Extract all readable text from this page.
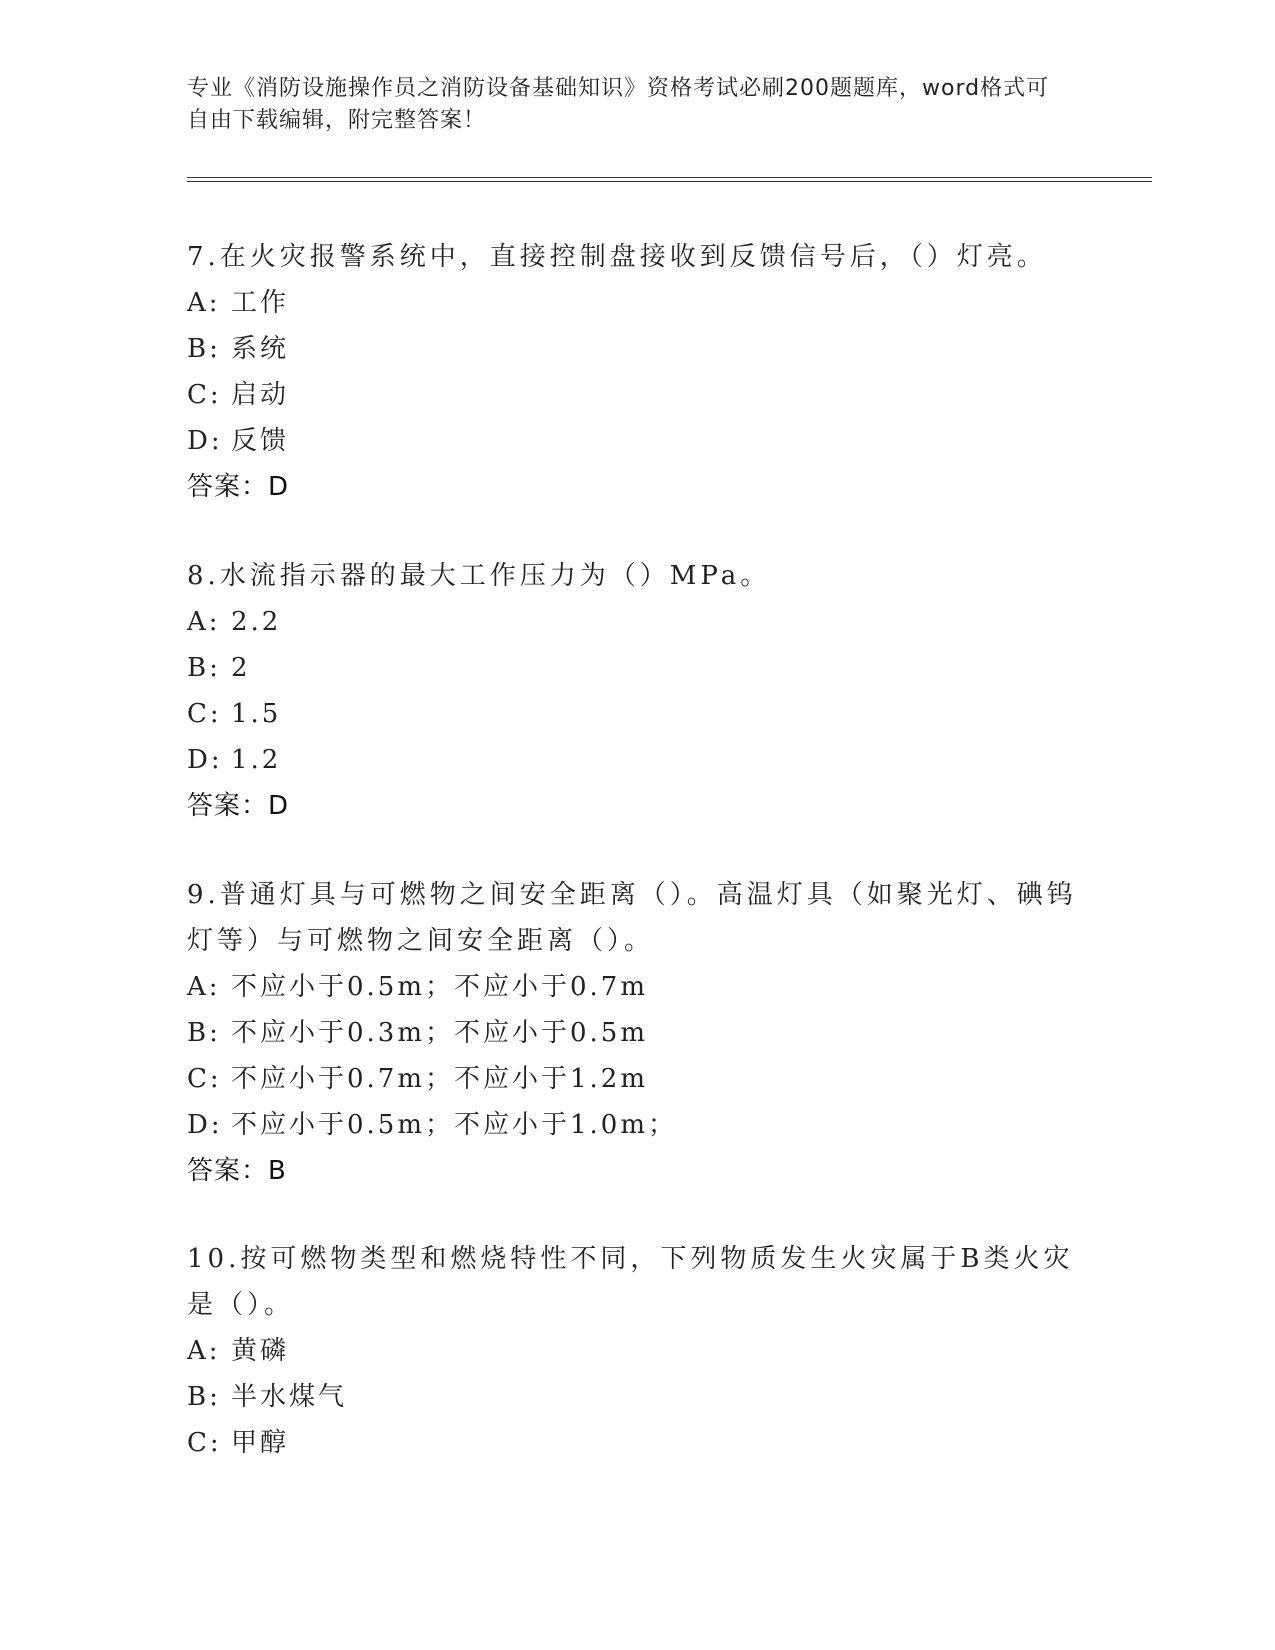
专业《消防设施操作员之消防设备基础知识》资格考试必刷200题题库，word格式可自由下载编辑，附完整答案！

7.在火灾报警系统中，直接控制盘接收到反馈信号后，（）灯亮。

A: 工作

B: 系统

C: 启动

D: 反馈

答案：D

8.水流指示器的最大工作压力为（）MPa。

A: 2.2

B: 2

C: 1.5

D: 1.2

答案：D

9.普通灯具与可燃物之间安全距离（）。高温灯具（如聚光灯、碘钨灯等）与可燃物之间安全距离（）。

A: 不应小于0.5m；不应小于0.7m

B: 不应小于0.3m；不应小于0.5m

C: 不应小于0.7m；不应小于1.2m

D: 不应小于0.5m；不应小于1.0m；

答案：B

10.按可燃物类型和燃烧特性不同，下列物质发生火灾属于B类火灾是（）。

A: 黄磷

B: 半水煤气

C: 甲醇
